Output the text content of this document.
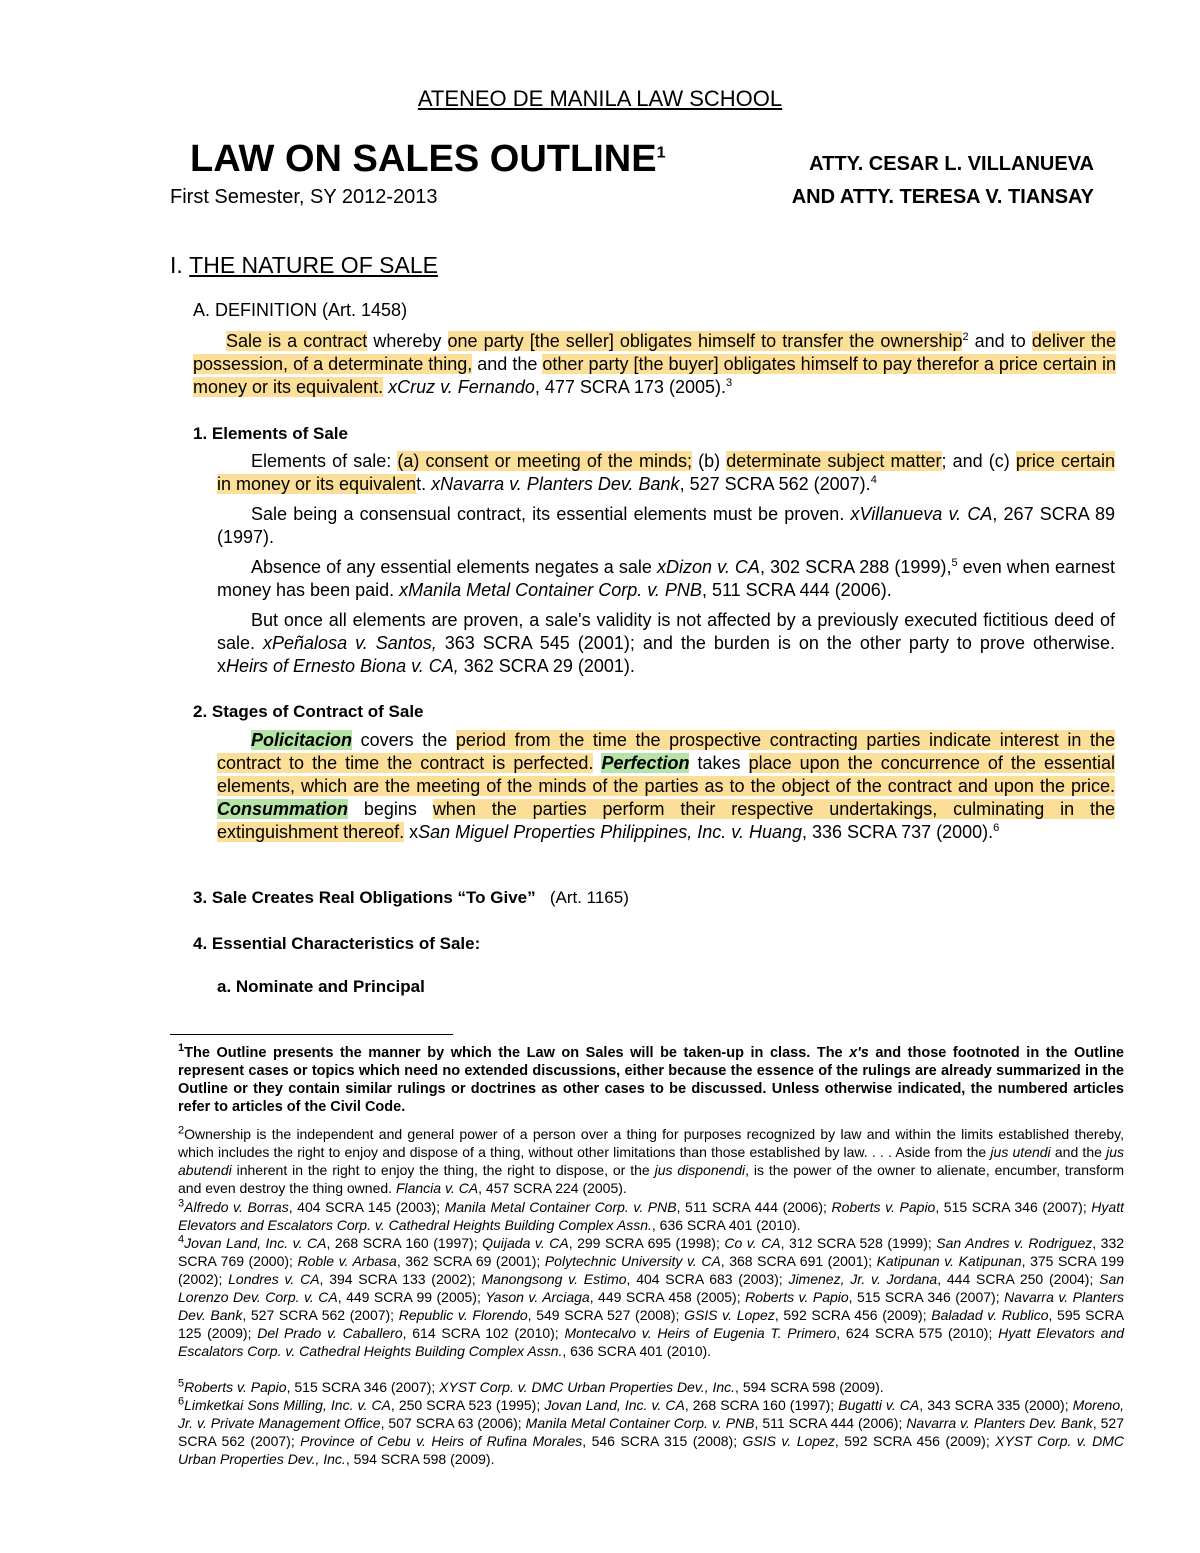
ATENEO DE MANILA LAW SCHOOL
LAW ON SALES OUTLINE$^1$
First Semester, SY 2012-2013
ATTY. CESAR L. VILLANUEVA
AND ATTY. TERESA V. TIANSAY
I. THE NATURE OF SALE
A. DEFINITION (Art. 1458)
Sale is a contract whereby one party [the seller] obligates himself to transfer the ownership$^2$ and to deliver the possession, of a determinate thing, and the other party [the buyer] obligates himself to pay therefor a price certain in money or its equivalent. xCruz v. Fernando, 477 SCRA 173 (2005).$^3$
1. Elements of Sale
Elements of sale: (a) consent or meeting of the minds; (b) determinate subject matter; and (c) price certain in money or its equivalent. xNavarra v. Planters Dev. Bank, 527 SCRA 562 (2007).$^4$
Sale being a consensual contract, its essential elements must be proven. xVillanueva v. CA, 267 SCRA 89 (1997).
Absence of any essential elements negates a sale xDizon v. CA, 302 SCRA 288 (1999),$^5$ even when earnest money has been paid. xManila Metal Container Corp. v. PNB, 511 SCRA 444 (2006).
But once all elements are proven, a sale's validity is not affected by a previously executed fictitious deed of sale. xPeñalosa v. Santos, 363 SCRA 545 (2001); and the burden is on the other party to prove otherwise. xHeirs of Ernesto Biona v. CA, 362 SCRA 29 (2001).
2. Stages of Contract of Sale
Policitacion covers the period from the time the prospective contracting parties indicate interest in the contract to the time the contract is perfected. Perfection takes place upon the concurrence of the essential elements, which are the meeting of the minds of the parties as to the object of the contract and upon the price. Consummation begins when the parties perform their respective undertakings, culminating in the extinguishment thereof. xSan Miguel Properties Philippines, Inc. v. Huang, 336 SCRA 737 (2000).$^6$
3. Sale Creates Real Obligations “To Give” (Art. 1165)
4. Essential Characteristics of Sale:
a. Nominate and Principal
$^1$The Outline presents the manner by which the Law on Sales will be taken-up in class. The x's and those footnoted in the Outline represent cases or topics which need no extended discussions, either because the essence of the rulings are already summarized in the Outline or they contain similar rulings or doctrines as other cases to be discussed. Unless otherwise indicated, the numbered articles refer to articles of the Civil Code.
$^2$Ownership is the independent and general power of a person over a thing for purposes recognized by law and within the limits established thereby, which includes the right to enjoy and dispose of a thing, without other limitations than those established by law. . . . Aside from the jus utendi and the jus abutendi inherent in the right to enjoy the thing, the right to dispose, or the jus disponendi, is the power of the owner to alienate, encumber, transform and even destroy the thing owned. Flancia v. CA, 457 SCRA 224 (2005).
$^3$Alfredo v. Borras, 404 SCRA 145 (2003); Manila Metal Container Corp. v. PNB, 511 SCRA 444 (2006); Roberts v. Papio, 515 SCRA 346 (2007); Hyatt Elevators and Escalators Corp. v. Cathedral Heights Building Complex Assn., 636 SCRA 401 (2010).
$^4$Jovan Land, Inc. v. CA, 268 SCRA 160 (1997); Quijada v. CA, 299 SCRA 695 (1998); Co v. CA, 312 SCRA 528 (1999); San Andres v. Rodriguez, 332 SCRA 769 (2000); Roble v. Arbasa, 362 SCRA 69 (2001); Polytechnic University v. CA, 368 SCRA 691 (2001); Katipunan v. Katipunan, 375 SCRA 199 (2002); Londres v. CA, 394 SCRA 133 (2002); Manongsong v. Estimo, 404 SCRA 683 (2003); Jimenez, Jr. v. Jordana, 444 SCRA 250 (2004); San Lorenzo Dev. Corp. v. CA, 449 SCRA 99 (2005); Yason v. Arciaga, 449 SCRA 458 (2005); Roberts v. Papio, 515 SCRA 346 (2007); Navarra v. Planters Dev. Bank, 527 SCRA 562 (2007); Republic v. Florendo, 549 SCRA 527 (2008); GSIS v. Lopez, 592 SCRA 456 (2009); Baladad v. Rublico, 595 SCRA 125 (2009); Del Prado v. Caballero, 614 SCRA 102 (2010); Montecalvo v. Heirs of Eugenia T. Primero, 624 SCRA 575 (2010); Hyatt Elevators and Escalators Corp. v. Cathedral Heights Building Complex Assn., 636 SCRA 401 (2010).
$^5$Roberts v. Papio, 515 SCRA 346 (2007); XYST Corp. v. DMC Urban Properties Dev., Inc., 594 SCRA 598 (2009).
$^6$Limketkai Sons Milling, Inc. v. CA, 250 SCRA 523 (1995); Jovan Land, Inc. v. CA, 268 SCRA 160 (1997); Bugatti v. CA, 343 SCRA 335 (2000); Moreno, Jr. v. Private Management Office, 507 SCRA 63 (2006); Manila Metal Container Corp. v. PNB, 511 SCRA 444 (2006); Navarra v. Planters Dev. Bank, 527 SCRA 562 (2007); Province of Cebu v. Heirs of Rufina Morales, 546 SCRA 315 (2008); GSIS v. Lopez, 592 SCRA 456 (2009); XYST Corp. v. DMC Urban Properties Dev., Inc., 594 SCRA 598 (2009).
